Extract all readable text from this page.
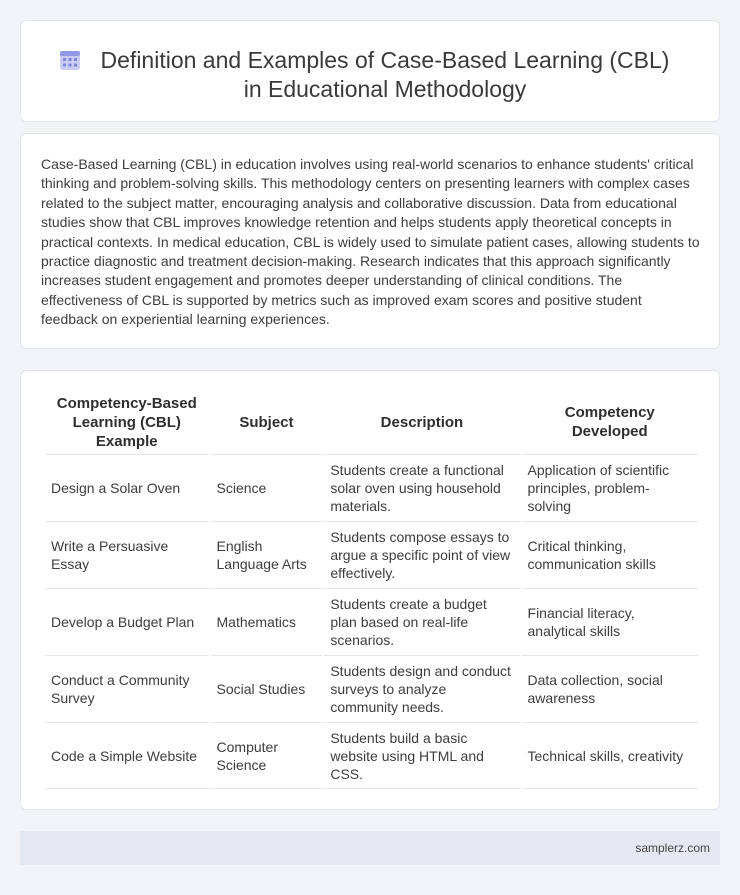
Definition and Examples of Case-Based Learning (CBL) in Educational Methodology

Case-Based Learning (CBL) in education involves using real-world scenarios to enhance students' critical thinking and problem-solving skills. This methodology centers on presenting learners with complex cases related to the subject matter, encouraging analysis and collaborative discussion. Data from educational studies show that CBL improves knowledge retention and helps students apply theoretical concepts in practical contexts. In medical education, CBL is widely used to simulate patient cases, allowing students to practice diagnostic and treatment decision-making. Research indicates that this approach significantly increases student engagement and promotes deeper understanding of clinical conditions. The effectiveness of CBL is supported by metrics such as improved exam scores and positive student feedback on experiential learning experiences.

Competency-Based Learning (CBL) Example	Subject	Description	Competency Developed
Design a Solar Oven	Science	Students create a functional solar oven using household materials.	Application of scientific principles, problem-solving
Write a Persuasive Essay	English Language Arts	Students compose essays to argue a specific point of view effectively.	Critical thinking, communication skills
Develop a Budget Plan	Mathematics	Students create a budget plan based on real-life scenarios.	Financial literacy, analytical skills
Conduct a Community Survey	Social Studies	Students design and conduct surveys to analyze community needs.	Data collection, social awareness
Code a Simple Website	Computer Science	Students build a basic website using HTML and CSS.	Technical skills, creativity
samplerz.com
